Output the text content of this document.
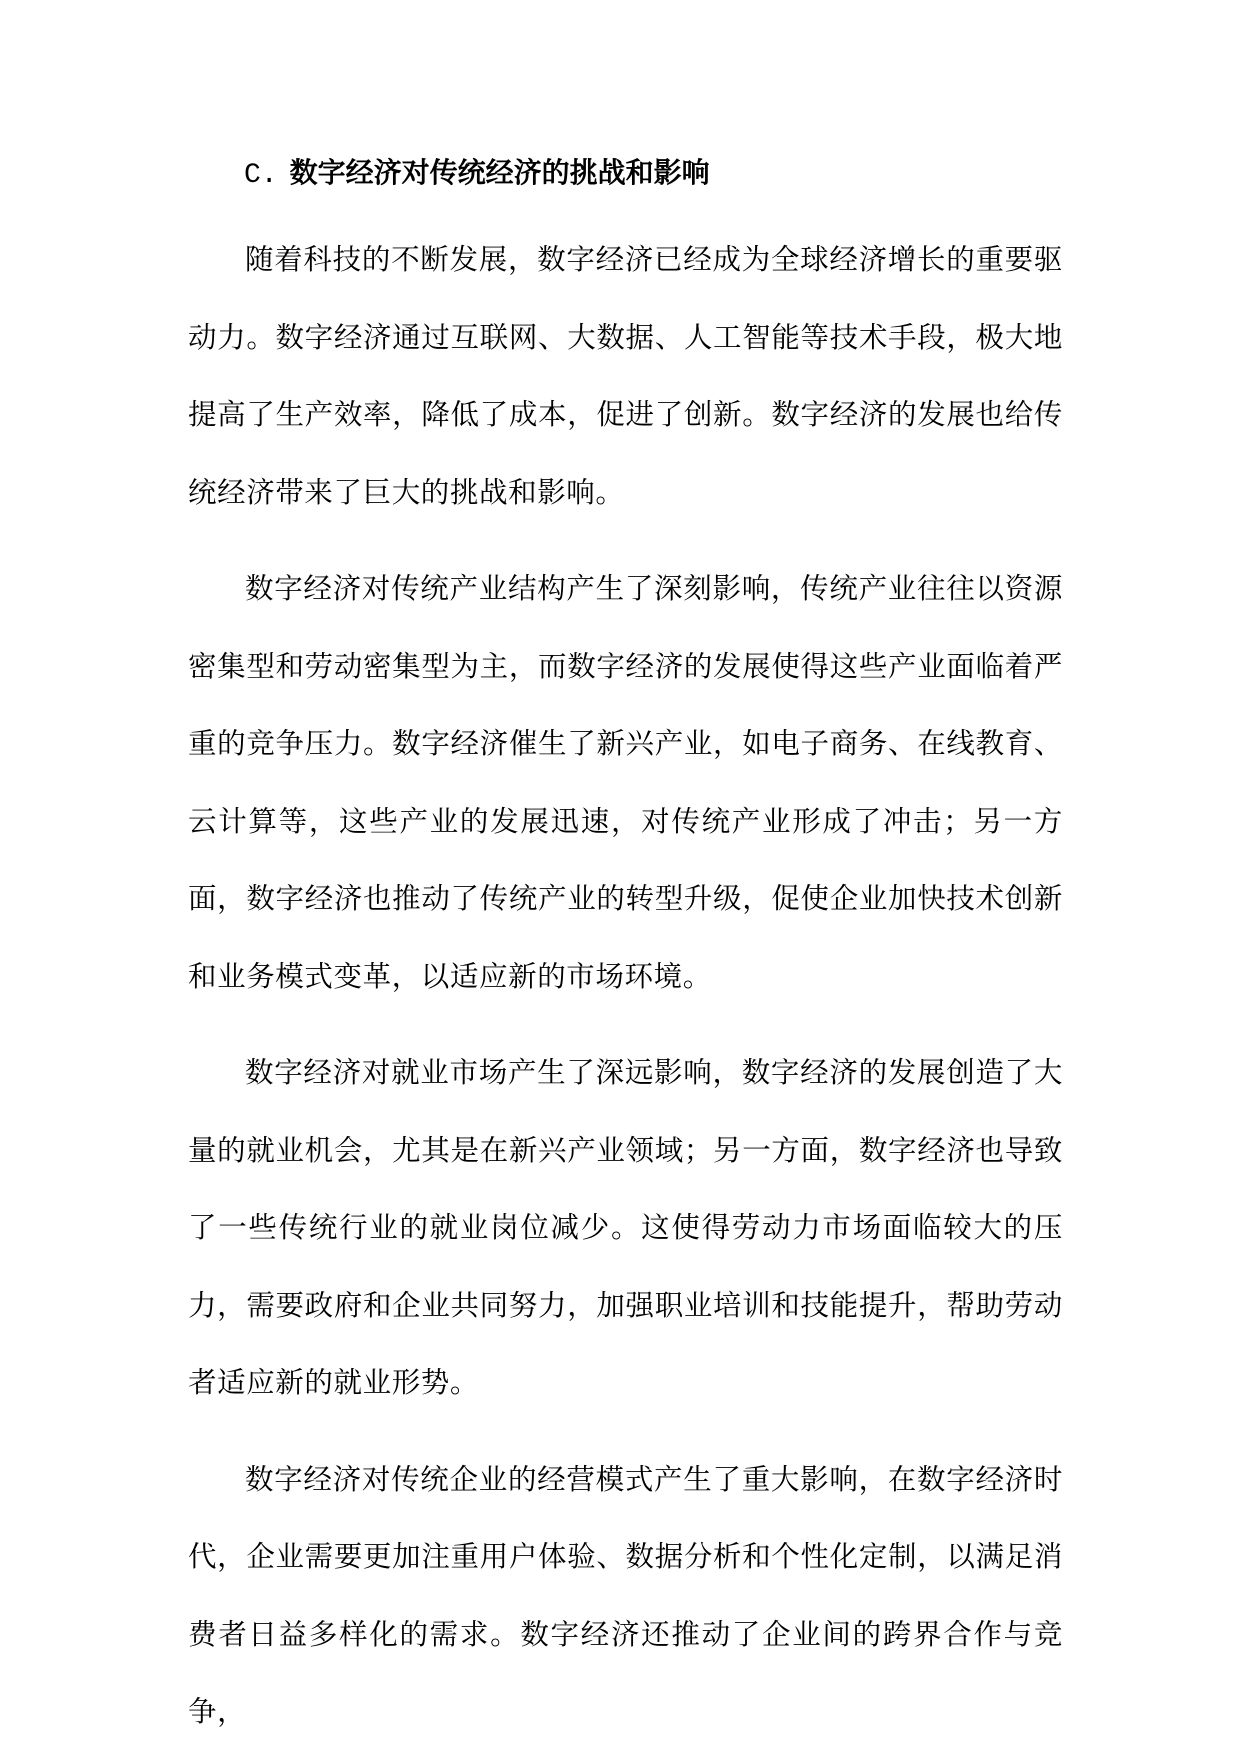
C. 数字经济对传统经济的挑战和影响

随着科技的不断发展，数字经济已经成为全球经济增长的重要驱动力。数字经济通过互联网、大数据、人工智能等技术手段，极大地提高了生产效率，降低了成本，促进了创新。数字经济的发展也给传统经济带来了巨大的挑战和影响。

数字经济对传统产业结构产生了深刻影响，传统产业往往以资源密集型和劳动密集型为主，而数字经济的发展使得这些产业面临着严重的竞争压力。数字经济催生了新兴产业，如电子商务、在线教育、云计算等，这些产业的发展迅速，对传统产业形成了冲击；另一方面，数字经济也推动了传统产业的转型升级，促使企业加快技术创新和业务模式变革，以适应新的市场环境。

数字经济对就业市场产生了深远影响，数字经济的发展创造了大量的就业机会，尤其是在新兴产业领域；另一方面，数字经济也导致了一些传统行业的就业岗位减少。这使得劳动力市场面临较大的压力，需要政府和企业共同努力，加强职业培训和技能提升，帮助劳动者适应新的就业形势。

数字经济对传统企业的经营模式产生了重大影响，在数字经济时代，企业需要更加注重用户体验、数据分析和个性化定制，以满足消费者日益多样化的需求。数字经济还推动了企业间的跨界合作与竞争，
